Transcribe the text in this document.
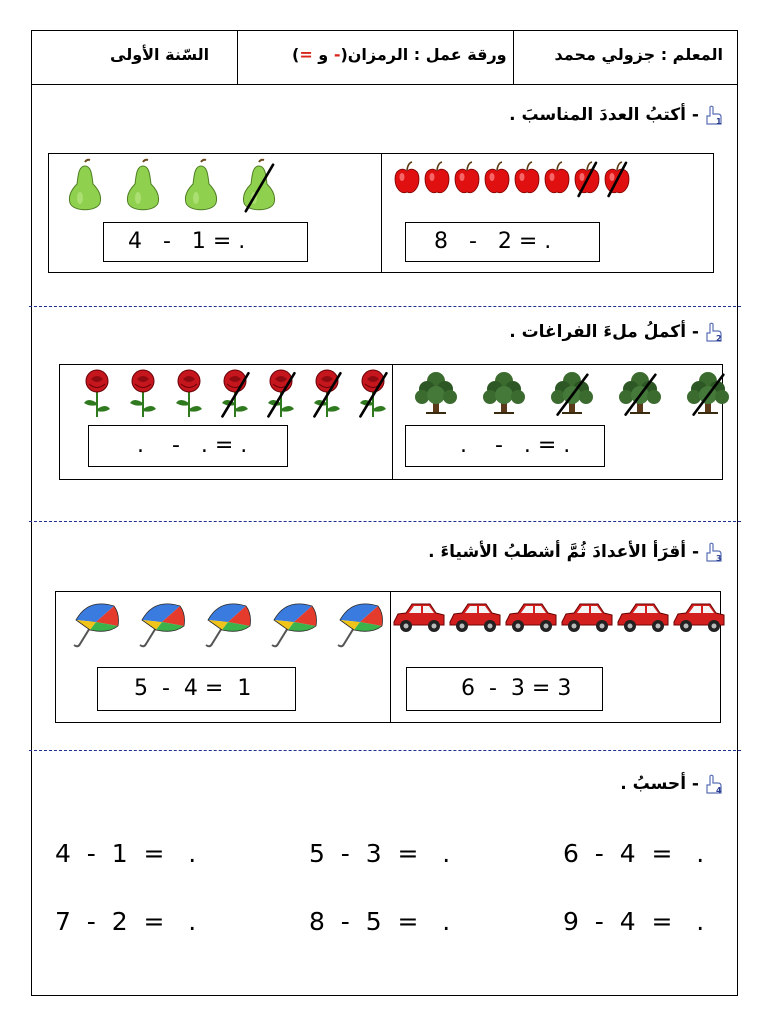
السّنة الأولى	ورقة عمل : الرمزان(- و =)	المعلم : جزولي محمد
1
- أكتبُ العددَ المناسبَ .
4   -   1 = .	8   -   2 = .
2
- أكملُ ملءَ الفراغات .
.    -   . = .	.    -   . = .
3
- أقرَأ الأعدادَ ثُمَّ أشطبُ الأشياءَ .
5  -  4 =  1	6  -  3 = 3
4
- أحسبُ .
4  -  1  =   .	5  -  3  =   .	6  -  4  =   .
7  -  2  =   .	8  -  5  =   .	9  -  4  =   .
